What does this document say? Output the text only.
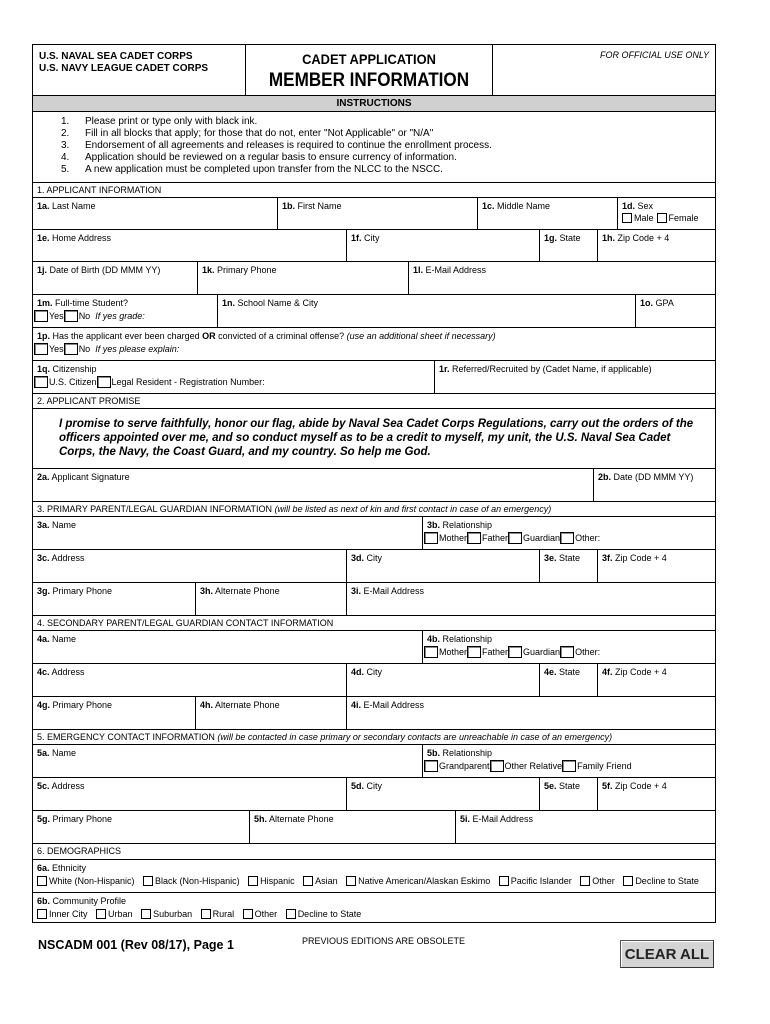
U.S. NAVAL SEA CADET CORPS
U.S. NAVY LEAGUE CADET CORPS
CADET APPLICATION
MEMBER INFORMATION
FOR OFFICIAL USE ONLY
INSTRUCTIONS
1.	Please print or type only with black ink.
2.	Fill in all blocks that apply; for those that do not, enter "Not Applicable" or "N/A"
3.	Endorsement of all agreements and releases is required to continue the enrollment process.
4.	Application should be reviewed on a regular basis to ensure currency of information.
5.	A new application must be completed upon transfer from the NLCC to the NSCC.
1. APPLICANT INFORMATION
1a. Last Name	1b. First Name	1c. Middle Name	1d. Sex
Male Female
1e. Home Address	1f. City	1g. State	1h. Zip Code + 4
1j. Date of Birth (DD MMM YY)	1k. Primary Phone	1l. E-Mail Address
1m. Full-time Student?
Yes No If yes grade:
1n. School Name & City	1o. GPA
1p. Has the applicant ever been charged OR convicted of a criminal offense? (use an additional sheet if necessary)
Yes No If yes please explain:
1q. Citizenship
U.S. Citizen Legal Resident - Registration Number:
1r. Referred/Recruited by (Cadet Name, if applicable)
2. APPLICANT PROMISE
I promise to serve faithfully, honor our flag, abide by Naval Sea Cadet Corps Regulations, carry out the orders of the officers appointed over me, and so conduct myself as to be a credit to myself, my unit, the U.S. Naval Sea Cadet Corps, the Navy, the Coast Guard, and my country. So help me God.
2a. Applicant Signature	2b. Date (DD MMM YY)
3. PRIMARY PARENT/LEGAL GUARDIAN INFORMATION (will be listed as next of kin and first contact in case of an emergency)
3a. Name	3b. Relationship
Mother Father Guardian Other:
3c. Address	3d. City	3e. State	3f. Zip Code + 4
3g. Primary Phone	3h. Alternate Phone	3i. E-Mail Address
4. SECONDARY PARENT/LEGAL GUARDIAN CONTACT INFORMATION
4a. Name	4b. Relationship
Mother Father Guardian Other:
4c. Address	4d. City	4e. State	4f. Zip Code + 4
4g. Primary Phone	4h. Alternate Phone	4i. E-Mail Address
5. EMERGENCY CONTACT INFORMATION (will be contacted in case primary or secondary contacts are unreachable in case of an emergency)
5a. Name	5b. Relationship
Grandparent Other Relative Family Friend
5c. Address	5d. City	5e. State	5f. Zip Code + 4
5g. Primary Phone	5h. Alternate Phone	5i. E-Mail Address
6. DEMOGRAPHICS
6a. Ethnicity
White (Non-Hispanic) Black (Non-Hispanic) Hispanic Asian Native American/Alaskan Eskimo Pacific Islander Other Decline to State
6b. Community Profile
Inner City Urban Suburban Rural Other Decline to State
NSCADM 001 (Rev 08/17), Page 1	PREVIOUS EDITIONS ARE OBSOLETE
CLEAR ALL
